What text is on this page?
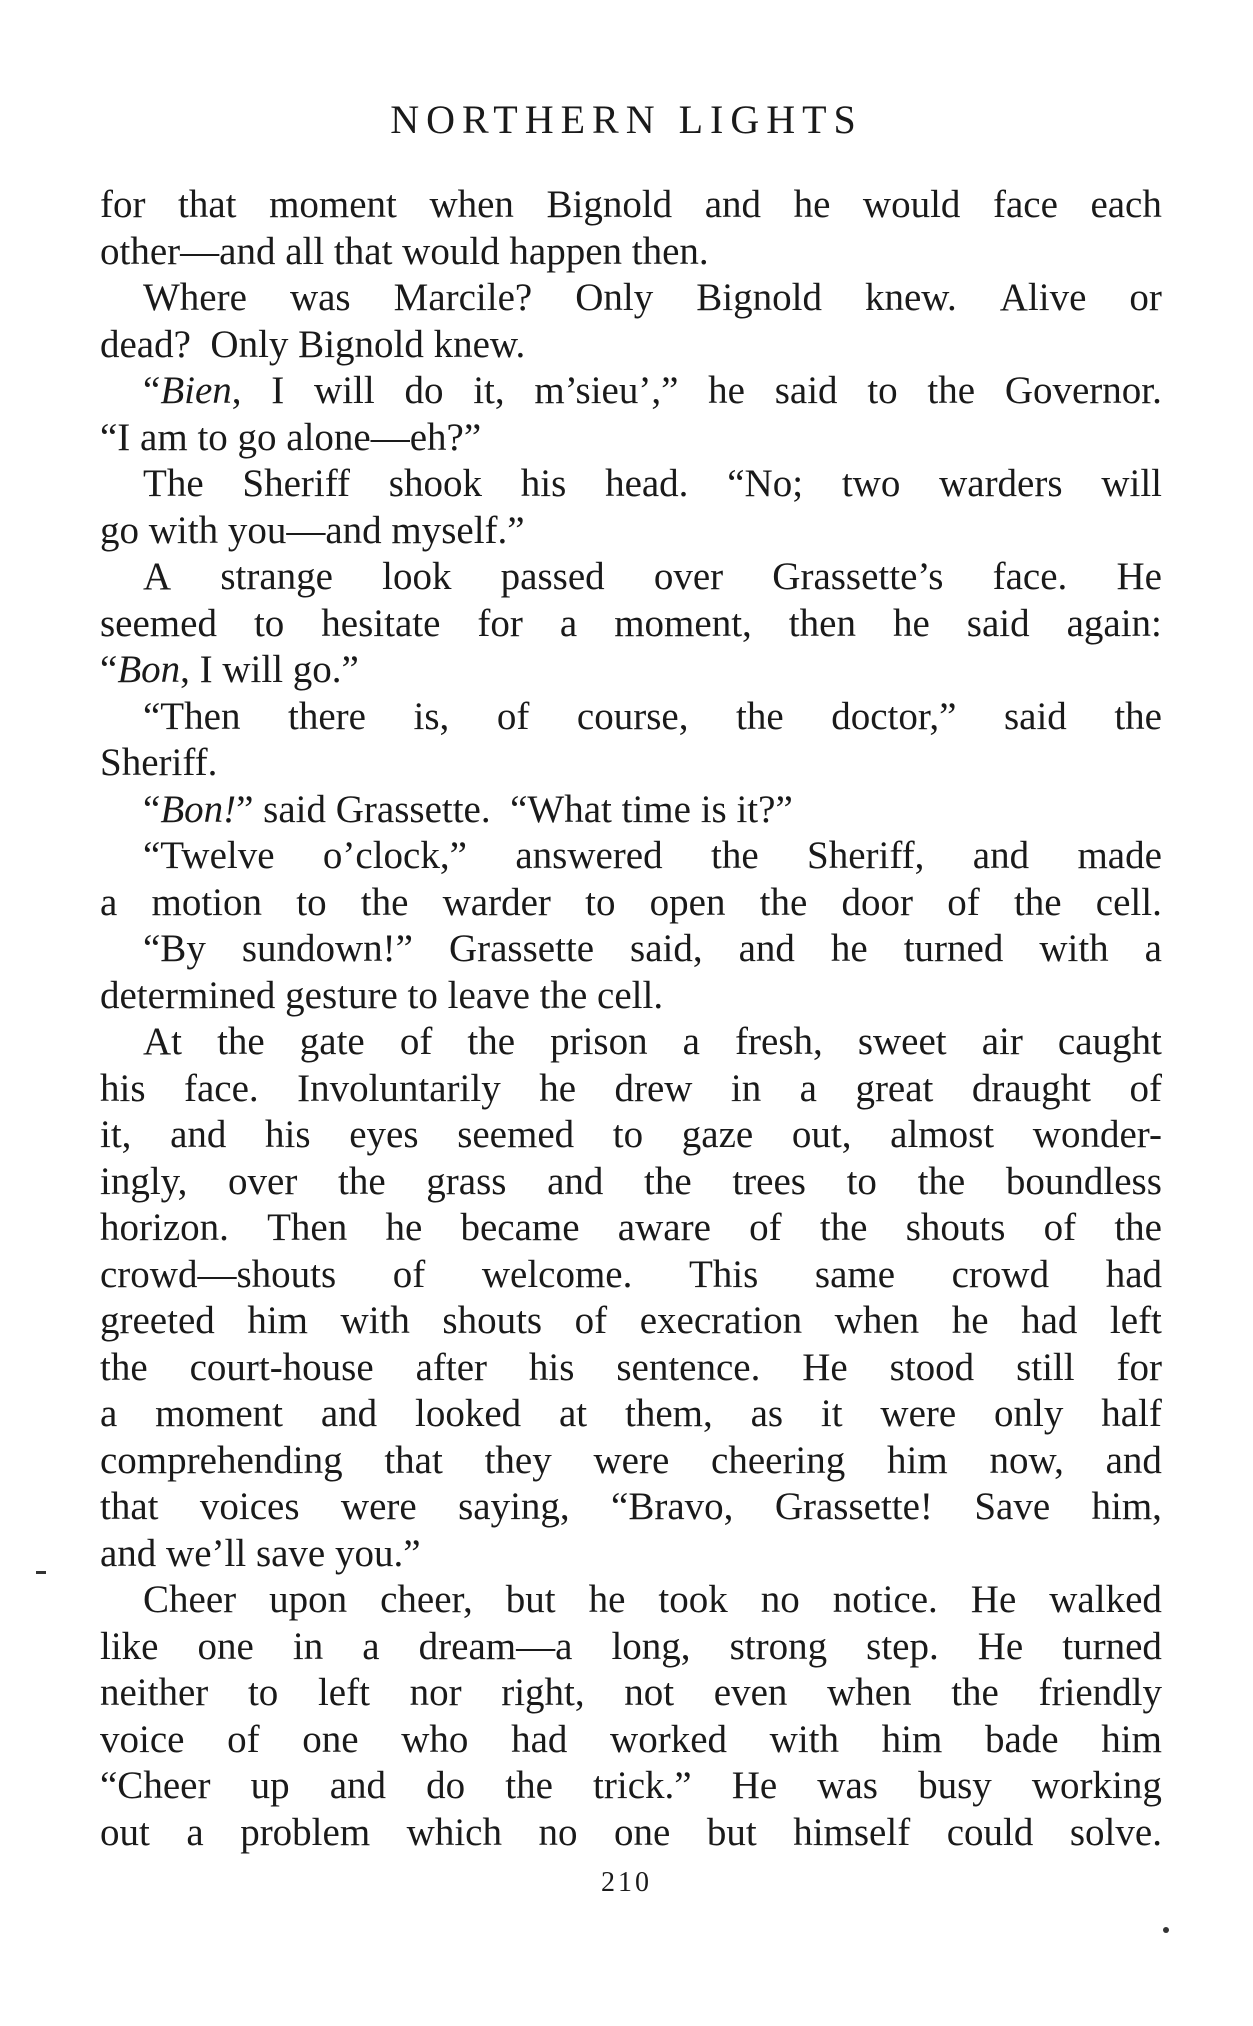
NORTHERN LIGHTS
for that moment when Bignold and he would face each
other—and all that would happen then.
Where was Marcile? Only Bignold knew. Alive or
dead?  Only Bignold knew.
“Bien, I will do it, m’sieu’,” he said to the Governor.
“I am to go alone—eh?”
The Sheriff shook his head. “No; two warders will
go with you—and myself.”
A strange look passed over Grassette’s face. He
seemed to hesitate for a moment, then he said again:
“Bon, I will go.”
“Then there is, of course, the doctor,” said the
Sheriff.
“Bon!” said Grassette.  “What time is it?”
“Twelve o’clock,” answered the Sheriff, and made
a motion to the warder to open the door of the cell.
“By sundown!” Grassette said, and he turned with a
determined gesture to leave the cell.
At the gate of the prison a fresh, sweet air caught
his face. Involuntarily he drew in a great draught of
it, and his eyes seemed to gaze out, almost wonder-
ingly, over the grass and the trees to the boundless
horizon. Then he became aware of the shouts of the
crowd—shouts of welcome. This same crowd had
greeted him with shouts of execration when he had left
the court-house after his sentence. He stood still for
a moment and looked at them, as it were only half
comprehending that they were cheering him now, and
that voices were saying, “Bravo, Grassette! Save him,
and we’ll save you.”
Cheer upon cheer, but he took no notice. He walked
like one in a dream—a long, strong step. He turned
neither to left nor right, not even when the friendly
voice of one who had worked with him bade him
“Cheer up and do the trick.” He was busy working
out a problem which no one but himself could solve.
210
